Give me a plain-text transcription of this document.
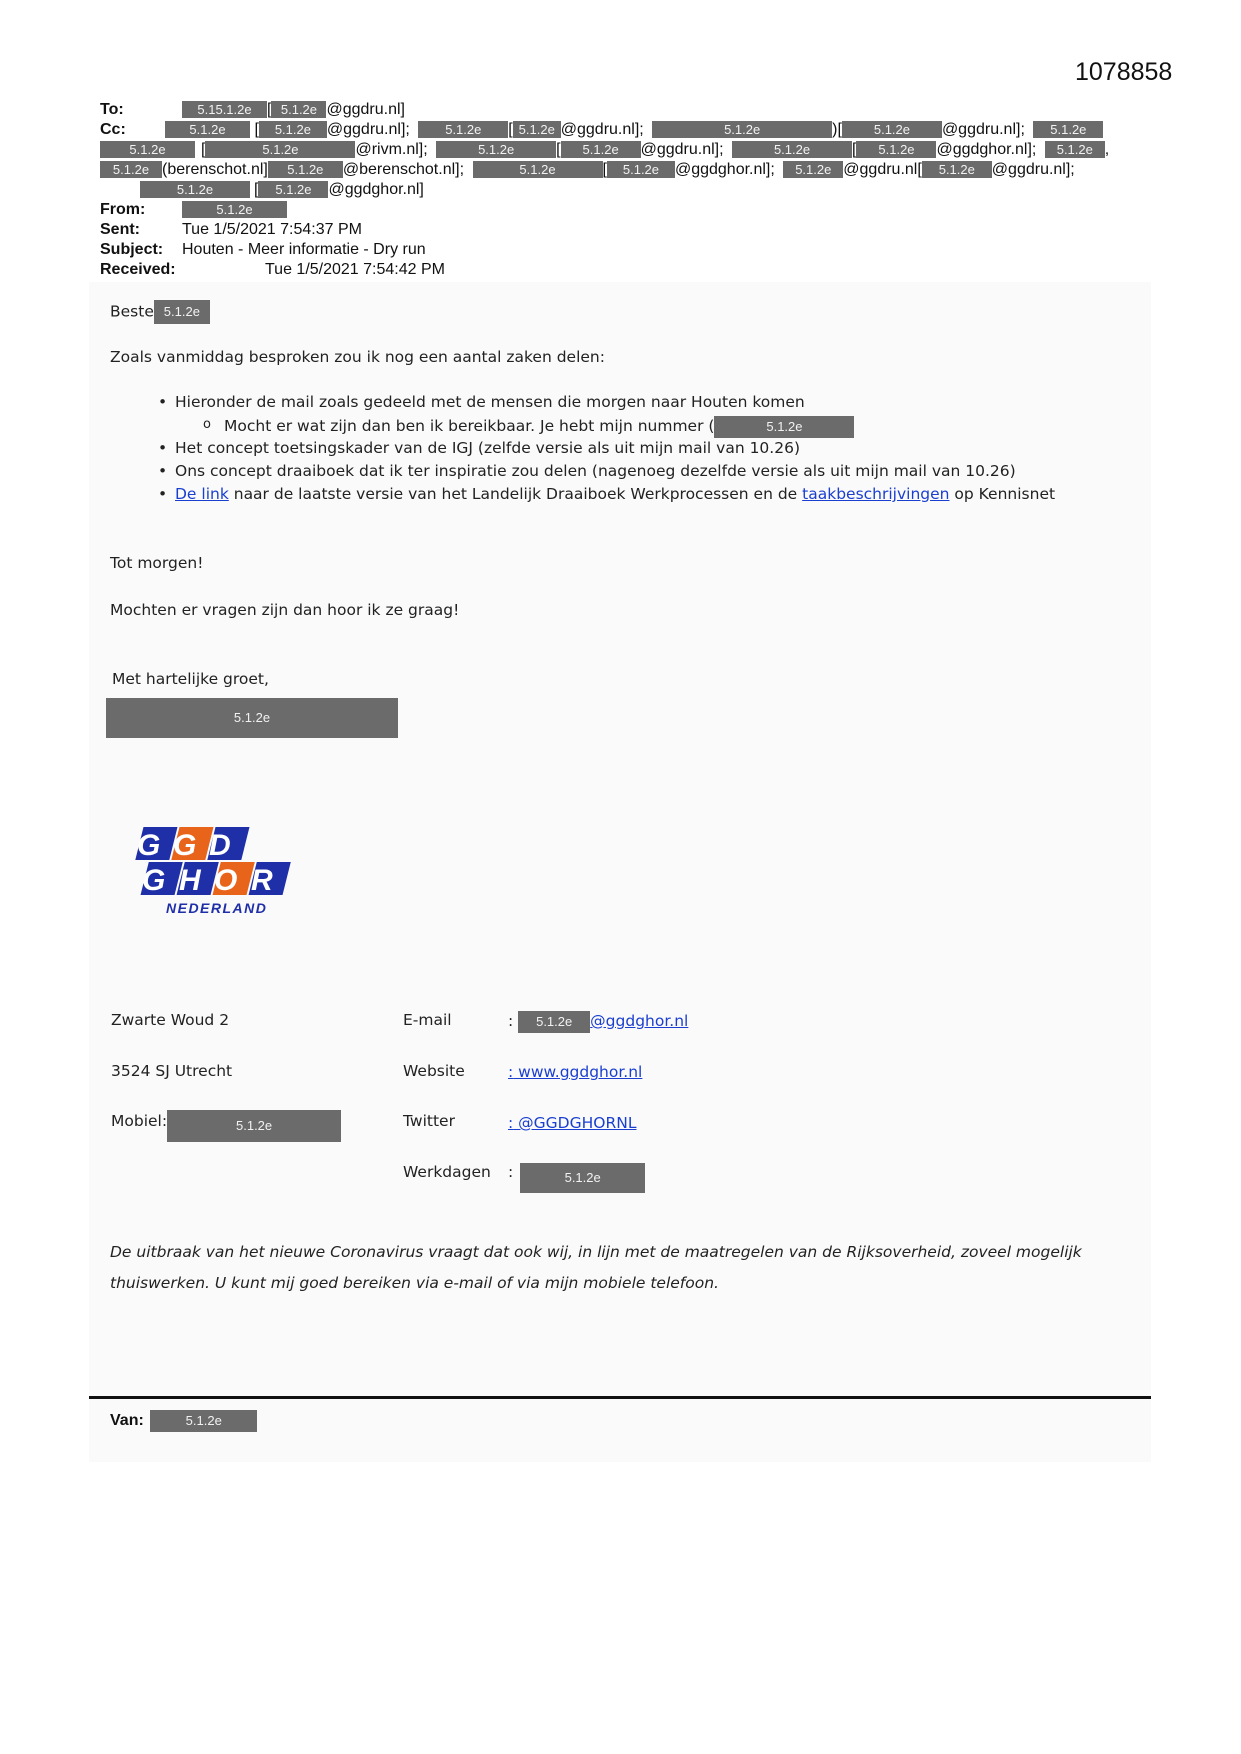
1078858
To:	5.15.1.2e [ 5.1.2e @ggdru.nl]
Cc:	5.1.2e [ 5.1.2e @ggdru.nl];	5.1.2e [ 5.1.2e @ggdru.nl];	5.1.2e	)[ 5.1.2e @ggdru.nl]; 5.1.2e
5.1.2e [	5.1.2e	@rivm.nl];	5.1.2e	[ 5.1.2e @ggdru.nl];	5.1.2e	[ 5.1.2e @ggdghor.nl]; 5.1.2e ,
5.1.2e (berenschot.nl] 5.1.2e @berenschot.nl];	5.1.2e	[ 5.1.2e @ggdghor.nl]; 5.1.2e @ggdru.nl[ 5.1.2e @ggdru.nl];
5.1.2e	[ 5.1.2e @ggdghor.nl]
From:	5.1.2e
Sent:	Tue 1/5/2021 7:54:37 PM
Subject: Houten - Meer informatie - Dry run
Received:	Tue 1/5/2021 7:54:42 PM
Beste 5.1.2e

Zoals vanmiddag besproken zou ik nog een aantal zaken delen:

• Hieronder de mail zoals gedeeld met de mensen die morgen naar Houten komen
o Mocht er wat zijn dan ben ik bereikbaar. Je hebt mijn nummer (	5.1.2e
• Het concept toetsingskader van de IGJ (zelfde versie als uit mijn mail van 10.26)
• Ons concept draaiboek dat ik ter inspiratie zou delen (nagenoeg dezelfde versie als uit mijn mail van 10.26)
• De link naar de laatste versie van het Landelijk Draaiboek Werkprocessen en de taakbeschrijvingen op Kennisnet

Tot morgen!

Mochten er vragen zijn dan hoor ik ze graag!

Met hartelijke groet,

5.1.2e
G G D
G H O R
NEDERLAND
Zwarte Woud 2
3524 SJ Utrecht
Mobiel:	5.1.2e
E-mail	: 5.1.2e @ggdghor.nl
Website	: www.ggdghor.nl
Twitter	: @GGDGHORNL
Werkdagen :	5.1.2e

De uitbraak van het nieuwe Coronavirus vraagt dat ook wij, in lijn met de maatregelen van de Rijksoverheid, zoveel mogelijk thuiswerken. U kunt mij goed bereiken via e-mail of via mijn mobiele telefoon.

Van:	5.1.2e
